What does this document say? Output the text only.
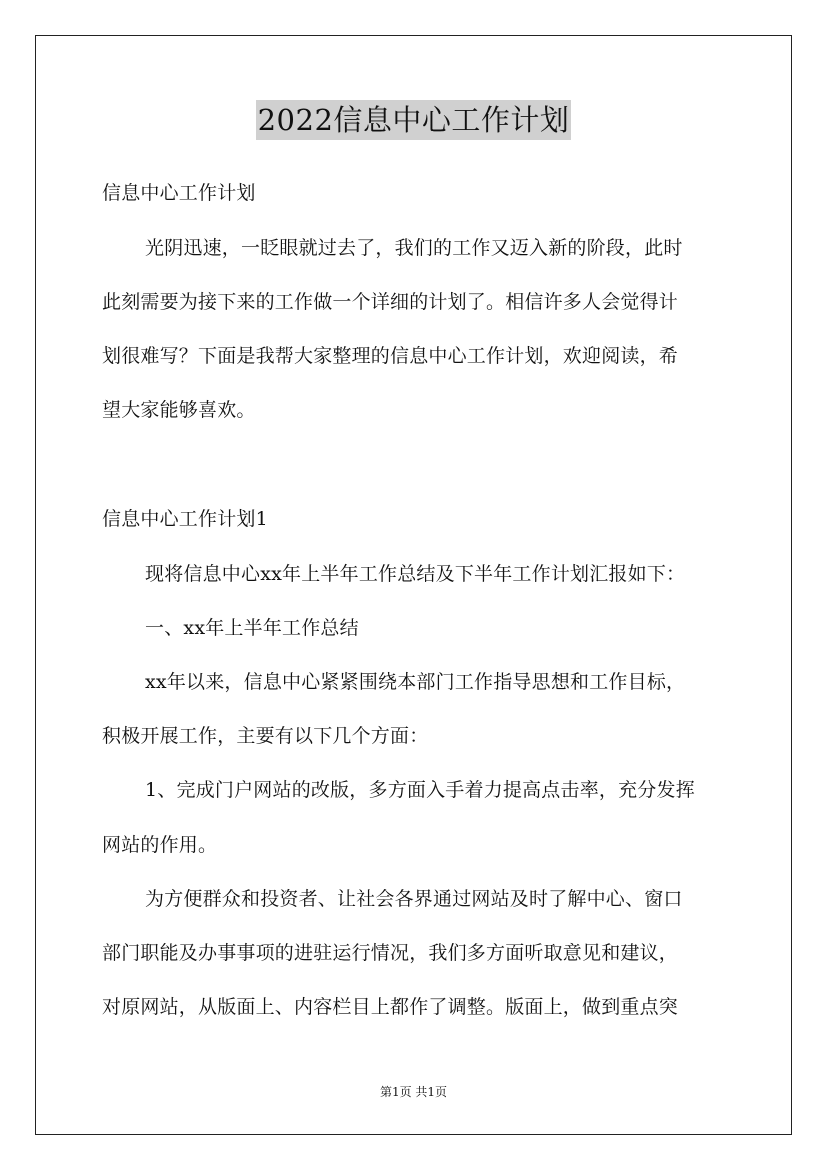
2022信息中心工作计划
信息中心工作计划
光阴迅速，一眨眼就过去了，我们的工作又迈入新的阶段，此时
此刻需要为接下来的工作做一个详细的计划了。相信许多人会觉得计
划很难写？下面是我帮大家整理的信息中心工作计划，欢迎阅读，希
望大家能够喜欢。
信息中心工作计划1
现将信息中心xx年上半年工作总结及下半年工作计划汇报如下：
一、xx年上半年工作总结
xx年以来，信息中心紧紧围绕本部门工作指导思想和工作目标，
积极开展工作，主要有以下几个方面：
1、完成门户网站的改版，多方面入手着力提高点击率，充分发挥
网站的作用。
为方便群众和投资者、让社会各界通过网站及时了解中心、窗口
部门职能及办事事项的进驻运行情况，我们多方面听取意见和建议，
对原网站，从版面上、内容栏目上都作了调整。版面上，做到重点突
第1页 共1页
